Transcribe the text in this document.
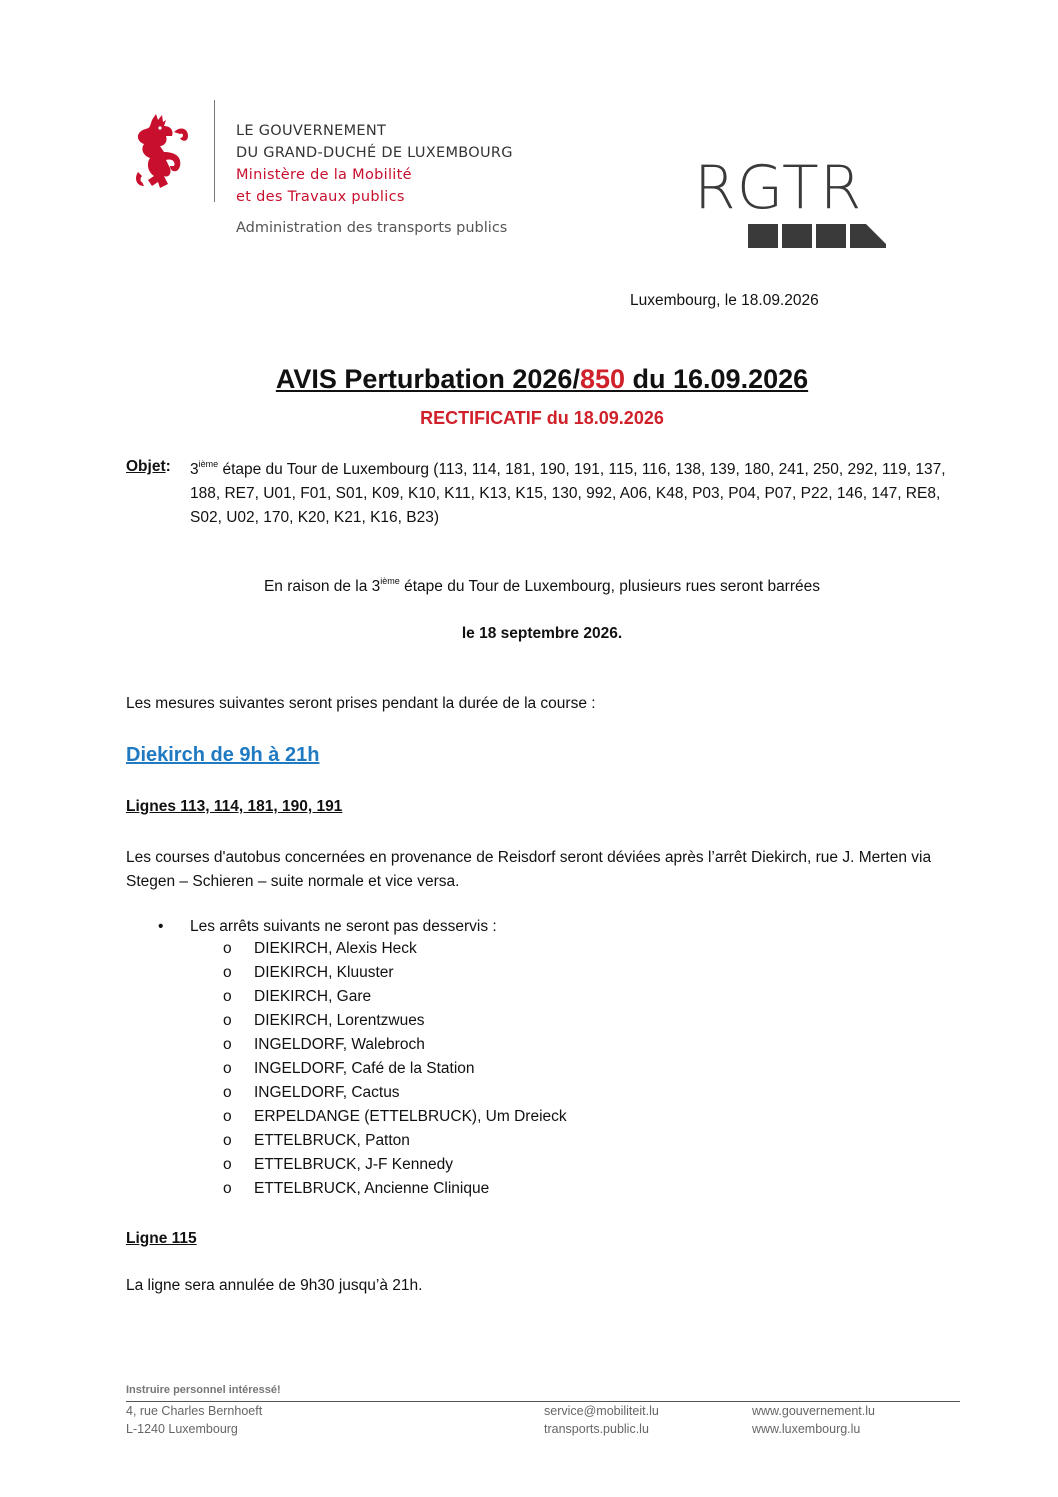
LE GOUVERNEMENT
DU GRAND-DUCHÉ DE LUXEMBOURG
Ministère de la Mobilité
et des Travaux publics
Administration des transports publics
RGTR
Luxembourg, le 18.09.2026
AVIS Perturbation 2026/850 du 16.09.2026
RECTIFICATIF du 18.09.2026
Objet: 3ième étape du Tour de Luxembourg (113, 114, 181, 190, 191, 115, 116, 138, 139, 180, 241, 250, 292, 119, 137, 188, RE7, U01, F01, S01, K09, K10, K11, K13, K15, 130, 992, A06, K48, P03, P04, P07, P22, 146, 147, RE8, S02, U02, 170, K20, K21, K16, B23)
En raison de la 3ième étape du Tour de Luxembourg, plusieurs rues seront barrées
le 18 septembre 2026.
Les mesures suivantes seront prises pendant la durée de la course :
Diekirch de 9h à 21h
Lignes 113, 114, 181, 190, 191
Les courses d'autobus concernées en provenance de Reisdorf seront déviées après l’arrêt Diekirch, rue J. Merten via Stegen – Schieren – suite normale et vice versa.
• Les arrêts suivants ne seront pas desservis :
o DIEKIRCH, Alexis Heck
o DIEKIRCH, Kluuster
o DIEKIRCH, Gare
o DIEKIRCH, Lorentzwues
o INGELDORF, Walebroch
o INGELDORF, Café de la Station
o INGELDORF, Cactus
o ERPELDANGE (ETTELBRUCK), Um Dreieck
o ETTELBRUCK, Patton
o ETTELBRUCK, J-F Kennedy
o ETTELBRUCK, Ancienne Clinique
Ligne 115
La ligne sera annulée de 9h30 jusqu’à 21h.
Instruire personnel intéressé!
4, rue Charles Bernhoeft
L-1240 Luxembourg
service@mobiliteit.lu
transports.public.lu
www.gouvernement.lu
www.luxembourg.lu
